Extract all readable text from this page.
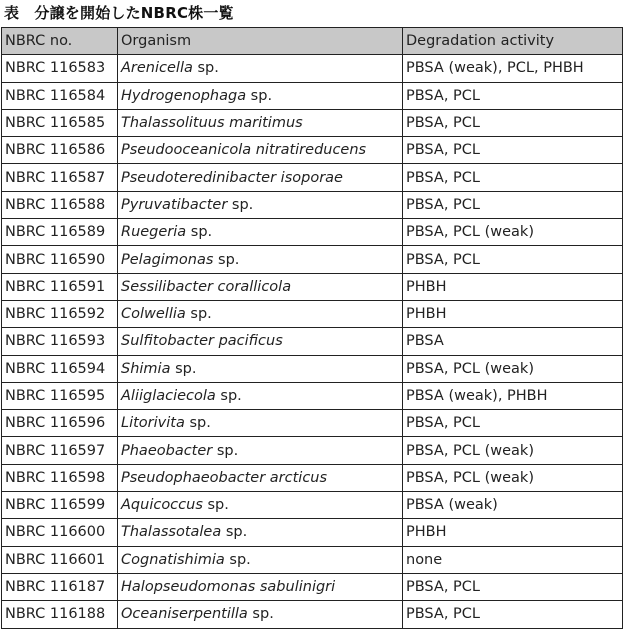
表　分譲を開始したNBRC株一覧
NBRC no.	Organism	Degradation activity
NBRC 116583	Arenicella sp.	PBSA (weak), PCL, PHBH
NBRC 116584	Hydrogenophaga sp.	PBSA, PCL
NBRC 116585	Thalassolituus maritimus	PBSA, PCL
NBRC 116586	Pseudooceanicola nitratireducens	PBSA, PCL
NBRC 116587	Pseudoteredinibacter isoporae	PBSA, PCL
NBRC 116588	Pyruvatibacter sp.	PBSA, PCL
NBRC 116589	Ruegeria sp.	PBSA, PCL (weak)
NBRC 116590	Pelagimonas sp.	PBSA, PCL
NBRC 116591	Sessilibacter corallicola	PHBH
NBRC 116592	Colwellia sp.	PHBH
NBRC 116593	Sulfitobacter pacificus	PBSA
NBRC 116594	Shimia sp.	PBSA, PCL (weak)
NBRC 116595	Aliiglaciecola sp.	PBSA (weak), PHBH
NBRC 116596	Litorivita sp.	PBSA, PCL
NBRC 116597	Phaeobacter sp.	PBSA, PCL (weak)
NBRC 116598	Pseudophaeobacter arcticus	PBSA, PCL (weak)
NBRC 116599	Aquicoccus sp.	PBSA (weak)
NBRC 116600	Thalassotalea sp.	PHBH
NBRC 116601	Cognatishimia sp.	none
NBRC 116187	Halopseudomonas sabulinigri	PBSA, PCL
NBRC 116188	Oceaniserpentilla sp.	PBSA, PCL
